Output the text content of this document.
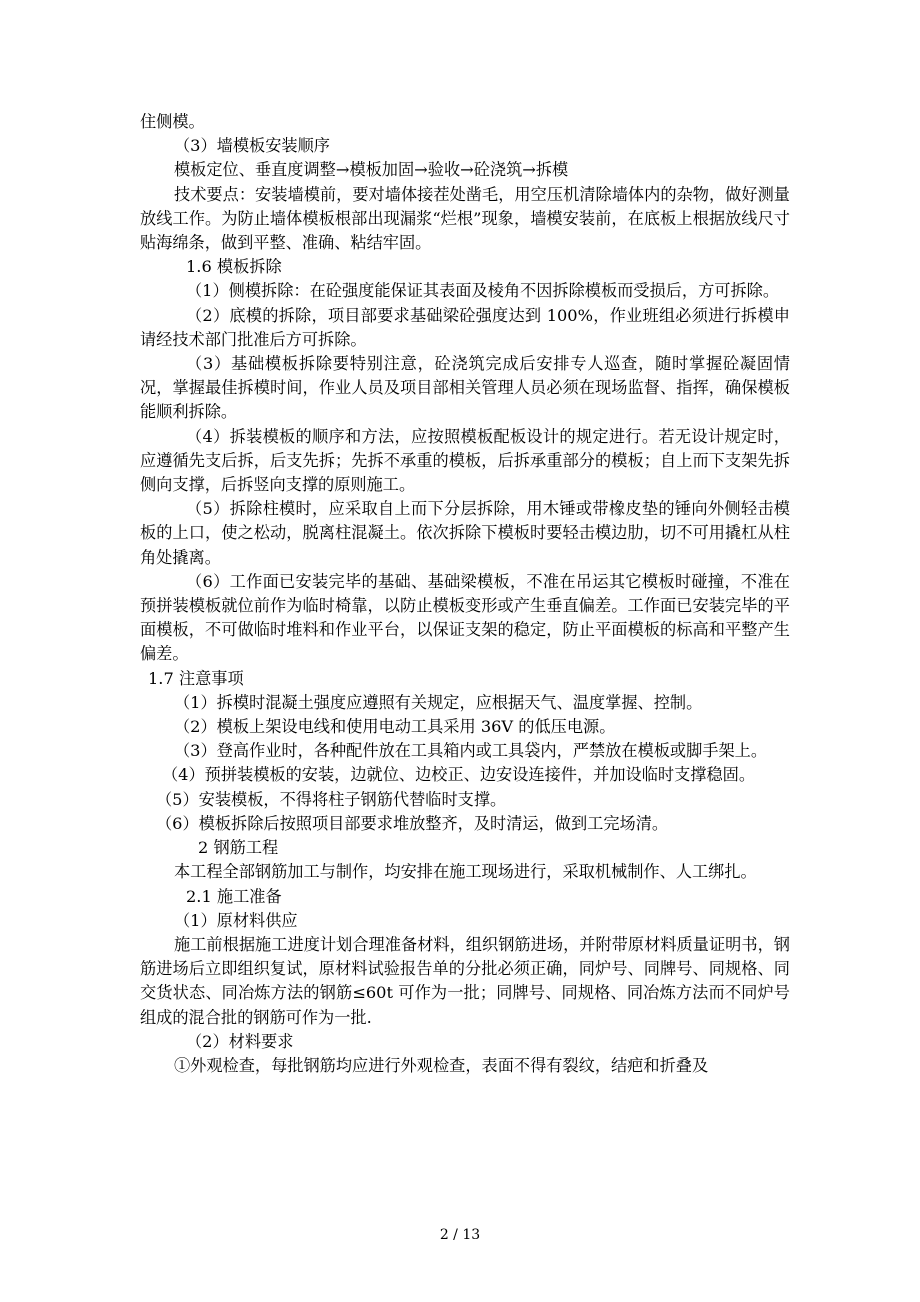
住侧模。

（3）墙模板安装顺序

模板定位、垂直度调整→模板加固→验收→砼浇筑→拆模

技术要点：安装墙模前，要对墙体接茬处凿毛，用空压机清除墙体内的杂物，做好测量放线工作。为防止墙体模板根部出现漏浆“烂根”现象，墙模安装前，在底板上根据放线尺寸贴海绵条，做到平整、准确、粘结牢固。

1.6 模板拆除

（1）侧模拆除：在砼强度能保证其表面及棱角不因拆除模板而受损后，方可拆除。

（2）底模的拆除，项目部要求基础梁砼强度达到 100%，作业班组必须进行拆模申请经技术部门批准后方可拆除。

（3）基础模板拆除要特别注意，砼浇筑完成后安排专人巡查，随时掌握砼凝固情况，掌握最佳拆模时间，作业人员及项目部相关管理人员必须在现场监督、指挥，确保模板能顺利拆除。

（4）拆装模板的顺序和方法，应按照模板配板设计的规定进行。若无设计规定时，应遵循先支后拆，后支先拆；先拆不承重的模板，后拆承重部分的模板；自上而下支架先拆侧向支撑，后拆竖向支撑的原则施工。

（5）拆除柱模时，应采取自上而下分层拆除，用木锤或带橡皮垫的锤向外侧轻击模板的上口，使之松动，脱离柱混凝土。依次拆除下模板时要轻击模边肋，切不可用撬杠从柱角处撬离。

（6）工作面已安装完毕的基础、基础梁模板，不准在吊运其它模板时碰撞，不准在预拼装模板就位前作为临时椅靠，以防止模板变形或产生垂直偏差。工作面已安装完毕的平面模板，不可做临时堆料和作业平台，以保证支架的稳定，防止平面模板的标高和平整产生偏差。

1.7 注意事项

（1）拆模时混凝土强度应遵照有关规定，应根据天气、温度掌握、控制。

（2）模板上架设电线和使用电动工具采用 36V 的低压电源。

（3）登高作业时，各种配件放在工具箱内或工具袋内，严禁放在模板或脚手架上。

（4）预拼装模板的安装，边就位、边校正、边安设连接件，并加设临时支撑稳固。

（5）安装模板，不得将柱子钢筋代替临时支撑。

（6）模板拆除后按照项目部要求堆放整齐，及时清运，做到工完场清。

2 钢筋工程

本工程全部钢筋加工与制作，均安排在施工现场进行，采取机械制作、人工绑扎。

2.1 施工准备

（1）原材料供应

施工前根据施工进度计划合理准备材料，组织钢筋进场，并附带原材料质量证明书，钢筋进场后立即组织复试，原材料试验报告单的分批必须正确，同炉号、同牌号、同规格、同交货状态、同冶炼方法的钢筋≤60t 可作为一批；同牌号、同规格、同冶炼方法而不同炉号组成的混合批的钢筋可作为一批.

（2）材料要求

①外观检查，每批钢筋均应进行外观检查，表面不得有裂纹，结疤和折叠及

2 / 13
